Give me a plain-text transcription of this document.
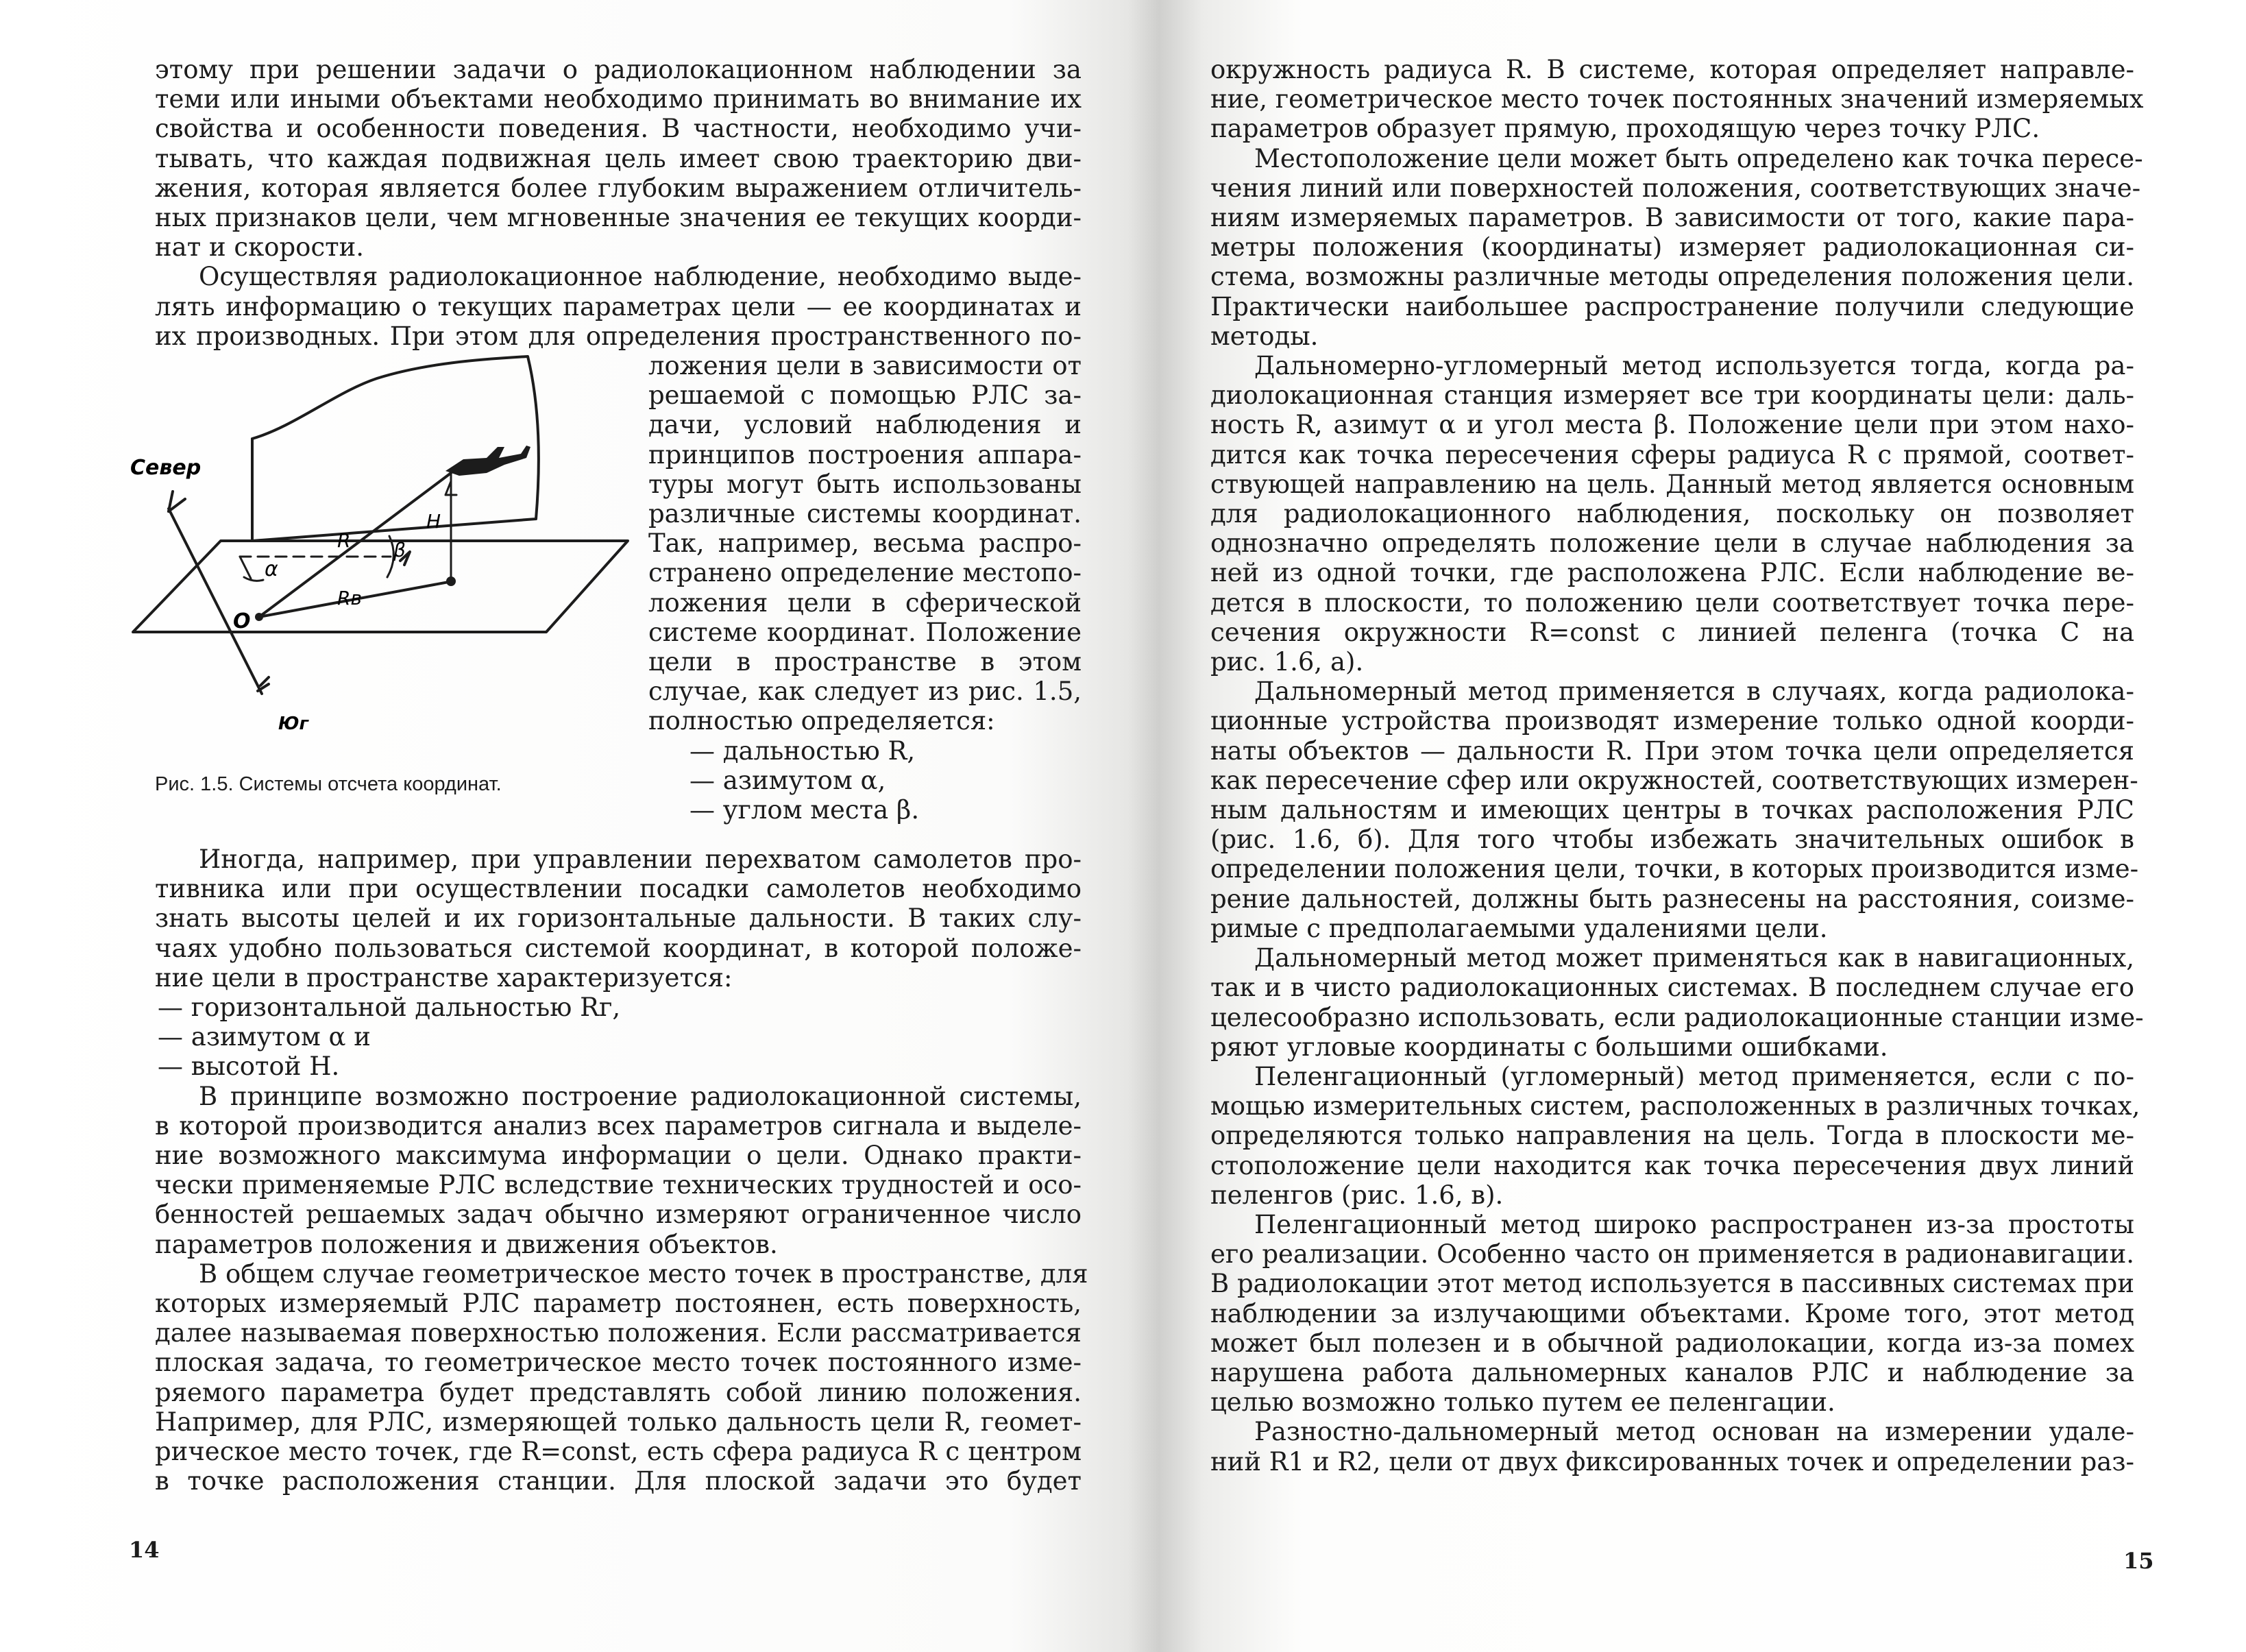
этому при решении задачи о радиолокационном наблюдении за
теми или иными объектами необходимо принимать во внимание их
свойства и особенности поведения. В частности, необходимо учи-
тывать, что каждая подвижная цель имеет свою траекторию дви-
жения, которая является более глубоким выражением отличитель-
ных признаков цели, чем мгновенные значения ее текущих коорди-
нат и скорости.
Осуществляя радиолокационное наблюдение, необходимо выде-
лять информацию о текущих параметрах цели — ее координатах и
их производных. При этом для определения пространственного по-
ложения цели в зависимости от
решаемой с помощью РЛС за-
дачи, условий наблюдения и
принципов построения аппара-
туры могут быть использованы
различные системы координат.
Так, например, весьма распро-
странено определение местопо-
ложения цели в сферической
системе координат. Положение
цели в пространстве в этом
случае, как следует из рис. 1.5,
полностью определяется:
— дальностью R,
— азимутом α,
— углом места β.
Север
Юг
O
α
β
R
Rв
H
Рис. 1.5. Системы отсчета координат.
Иногда, например, при управлении перехватом самолетов про-
тивника или при осуществлении посадки самолетов необходимо
знать высоты целей и их горизонтальные дальности. В таких слу-
чаях удобно пользоваться системой координат, в которой положе-
ние цели в пространстве характеризуется:
— горизонтальной дальностью Rг,
— азимутом α и
— высотой H.
В принципе возможно построение радиолокационной системы,
в которой производится анализ всех параметров сигнала и выделе-
ние возможного максимума информации о цели. Однако практи-
чески применяемые РЛС вследствие технических трудностей и осо-
бенностей решаемых задач обычно измеряют ограниченное число
параметров положения и движения объектов.
В общем случае геометрическое место точек в пространстве, для
которых измеряемый РЛС параметр постоянен, есть поверхность,
далее называемая поверхностью положения. Если рассматривается
плоская задача, то геометрическое место точек постоянного изме-
ряемого параметра будет представлять собой линию положения.
Например, для РЛС, измеряющей только дальность цели R, геомет-
рическое место точек, где R=const, есть сфера радиуса R с центром
в точке расположения станции. Для плоской задачи это будет
14
окружность радиуса R. В системе, которая определяет направле-
ние, геометрическое место точек постоянных значений измеряемых
параметров образует прямую, проходящую через точку РЛС.
Местоположение цели может быть определено как точка пересе-
чения линий или поверхностей положения, соответствующих значе-
ниям измеряемых параметров. В зависимости от того, какие пара-
метры положения (координаты) измеряет радиолокационная си-
стема, возможны различные методы определения положения цели.
Практически наибольшее распространение получили следующие
методы.
Дальномерно-угломерный метод используется тогда, когда ра-
диолокационная станция измеряет все три координаты цели: даль-
ность R, азимут α и угол места β. Положение цели при этом нахо-
дится как точка пересечения сферы радиуса R с прямой, соответ-
ствующей направлению на цель. Данный метод является основным
для радиолокационного наблюдения, поскольку он позволяет
однозначно определять положение цели в случае наблюдения за
ней из одной точки, где расположена РЛС. Если наблюдение ве-
дется в плоскости, то положению цели соответствует точка пере-
сечения окружности R=const с линией пеленга (точка C на
рис. 1.6, а).
Дальномерный метод применяется в случаях, когда радиолока-
ционные устройства производят измерение только одной коорди-
наты объектов — дальности R. При этом точка цели определяется
как пересечение сфер или окружностей, соответствующих измерен-
ным дальностям и имеющих центры в точках расположения РЛС
(рис. 1.6, б). Для того чтобы избежать значительных ошибок в
определении положения цели, точки, в которых производится изме-
рение дальностей, должны быть разнесены на расстояния, соизме-
римые с предполагаемыми удалениями цели.
Дальномерный метод может применяться как в навигационных,
так и в чисто радиолокационных системах. В последнем случае его
целесообразно использовать, если радиолокационные станции изме-
ряют угловые координаты с большими ошибками.
Пеленгационный (угломерный) метод применяется, если с по-
мощью измерительных систем, расположенных в различных точках,
определяются только направления на цель. Тогда в плоскости ме-
стоположение цели находится как точка пересечения двух линий
пеленгов (рис. 1.6, в).
Пеленгационный метод широко распространен из-за простоты
его реализации. Особенно часто он применяется в радионавигации.
В радиолокации этот метод используется в пассивных системах при
наблюдении за излучающими объектами. Кроме того, этот метод
может был полезен и в обычной радиолокации, когда из-за помех
нарушена работа дальномерных каналов РЛС и наблюдение за
целью возможно только путем ее пеленгации.
Разностно-дальномерный метод основан на измерении удале-
ний R1 и R2, цели от двух фиксированных точек и определении раз-
15
